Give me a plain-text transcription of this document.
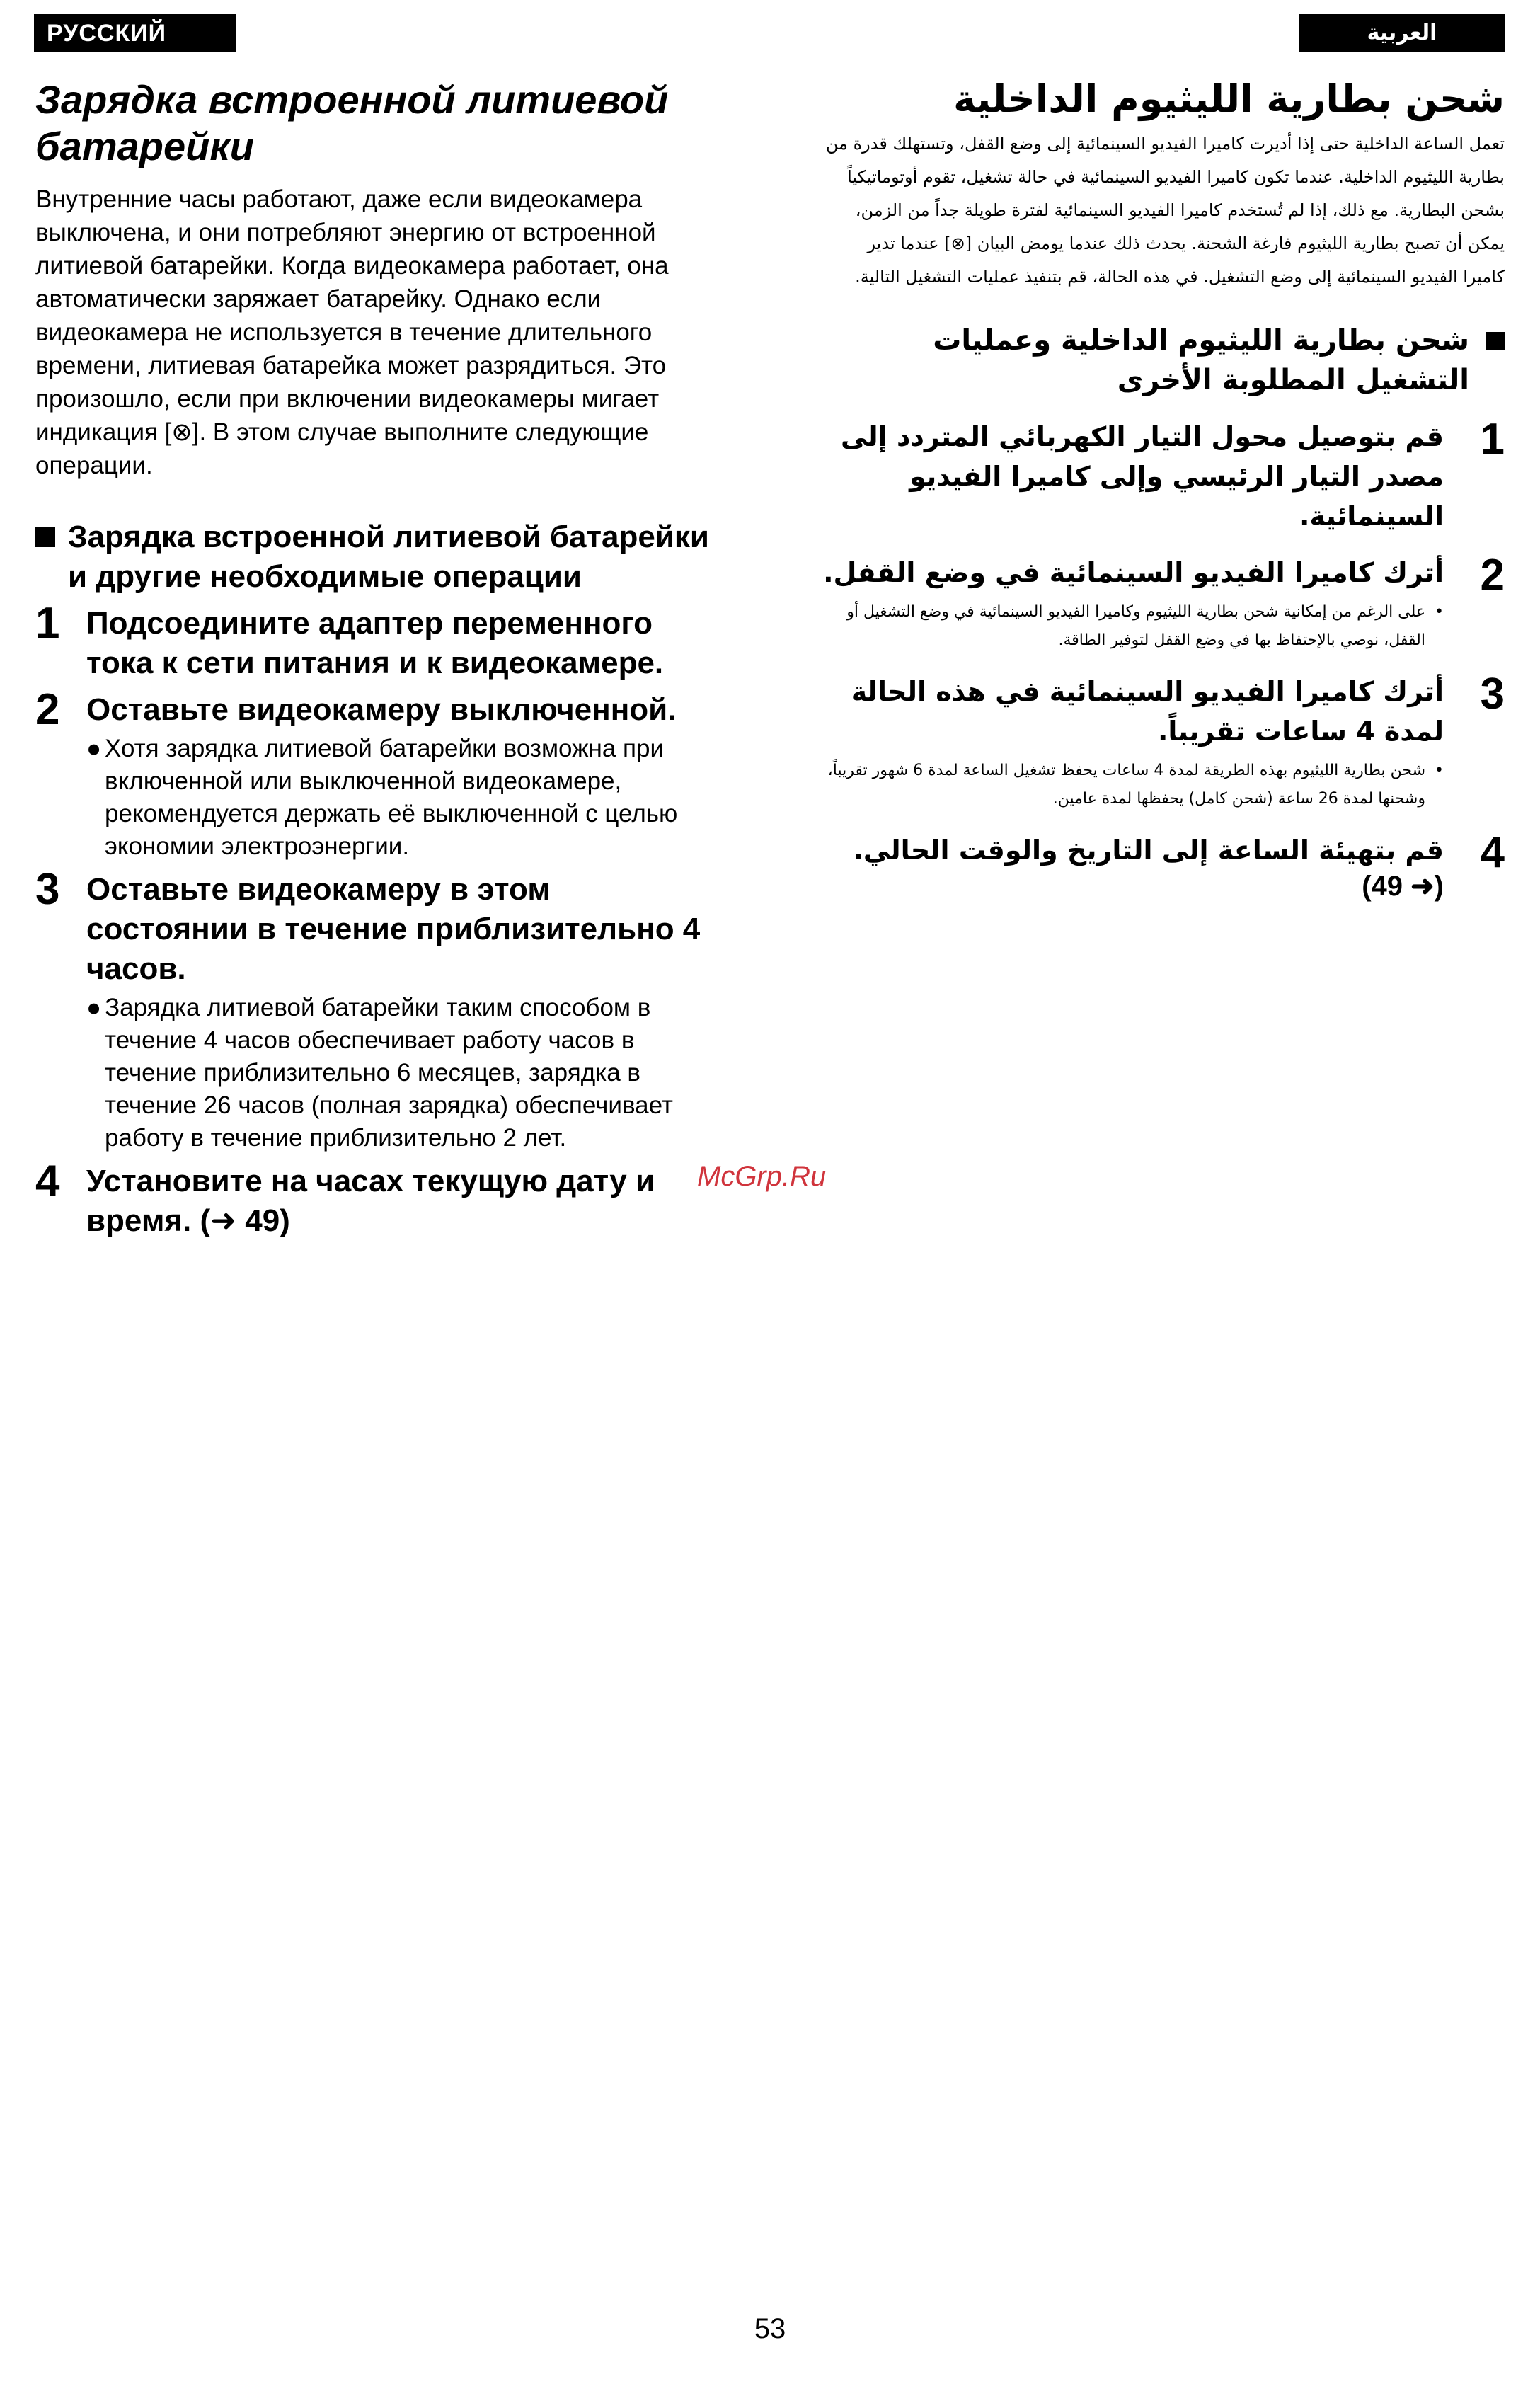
РУССКИЙ ЯЗЫК
العربية
Зарядка встроенной литиевой батарейки

Внутренние часы работают, даже если видеокамера выключена, и они потребляют энергию от встроенной литиевой батарейки. Когда видеокамера работает, она автоматически заряжает батарейку. Однако если видеокамера не используется в течение длительного времени, литиевая батарейка может разрядиться. Это произошло, если при включении видеокамеры мигает индикация [⊗]. В этом случае выполните следующие операции.

Зарядка встроенной литиевой батарейки и другие необходимые операции
1 Подсоедините адаптер переменного тока к сети питания и к видеокамере.
2 Оставьте видеокамеру выключенной.
● Хотя зарядка литиевой батарейки возможна при включенной или выключенной видеокамере, рекомендуется держать её выключенной с целью экономии электроэнергии.
3 Оставьте видеокамеру в этом состоянии в течение приблизительно 4 часов.
● Зарядка литиевой батарейки таким способом в течение 4 часов обеспечивает работу часов в течение приблизительно 6 месяцев, зарядка в течение 26 часов (полная зарядка) обеспечивает работу в течение приблизительно 2 лет.
4 Установите на часах текущую дату и время. (➜ 49)
McGrp.Ru
شحن بطارية الليثيوم الداخلية

تعمل الساعة الداخلية حتى إذا أديرت كاميرا الفيديو السينمائية إلى وضع القفل، وتستهلك قدرة من بطارية الليثيوم الداخلية. عندما تكون كاميرا الفيديو السينمائية في حالة تشغيل، تقوم أوتوماتيكياً بشحن البطارية. مع ذلك، إذا لم تُستخدم كاميرا الفيديو السينمائية لفترة طويلة جداً من الزمن، يمكن أن تصبح بطارية الليثيوم فارغة الشحنة. يحدث ذلك عندما يومض البيان [⊗] عندما تدير كاميرا الفيديو السينمائية إلى وضع التشغيل. في هذه الحالة، قم بتنفيذ عمليات التشغيل التالية.

شحن بطارية الليثيوم الداخلية وعمليات التشغيل المطلوبة الأخرى
1
قم بتوصيل محول التيار الكهربائي المتردد إلى مصدر التيار الرئيسي وإلى كاميرا الفيديو السينمائية.
2
أترك كاميرا الفيديو السينمائية في وضع القفل.
•
على الرغم من إمكانية شحن بطارية الليثيوم وكاميرا الفيديو السينمائية في وضع التشغيل أو القفل، نوصي بالإحتفاظ بها في وضع القفل لتوفير الطاقة.
3
أترك كاميرا الفيديو السينمائية في هذه الحالة لمدة 4 ساعات تقريباً.
•
شحن بطارية الليثيوم بهذه الطريقة لمدة 4 ساعات يحفظ تشغيل الساعة لمدة 6 شهور تقريباً، وشحنها لمدة 26 ساعة (شحن كامل) يحفظها لمدة عامين.
4
قم بتهيئة الساعة إلى التاريخ والوقت الحالي.
(➜ 49)
53
